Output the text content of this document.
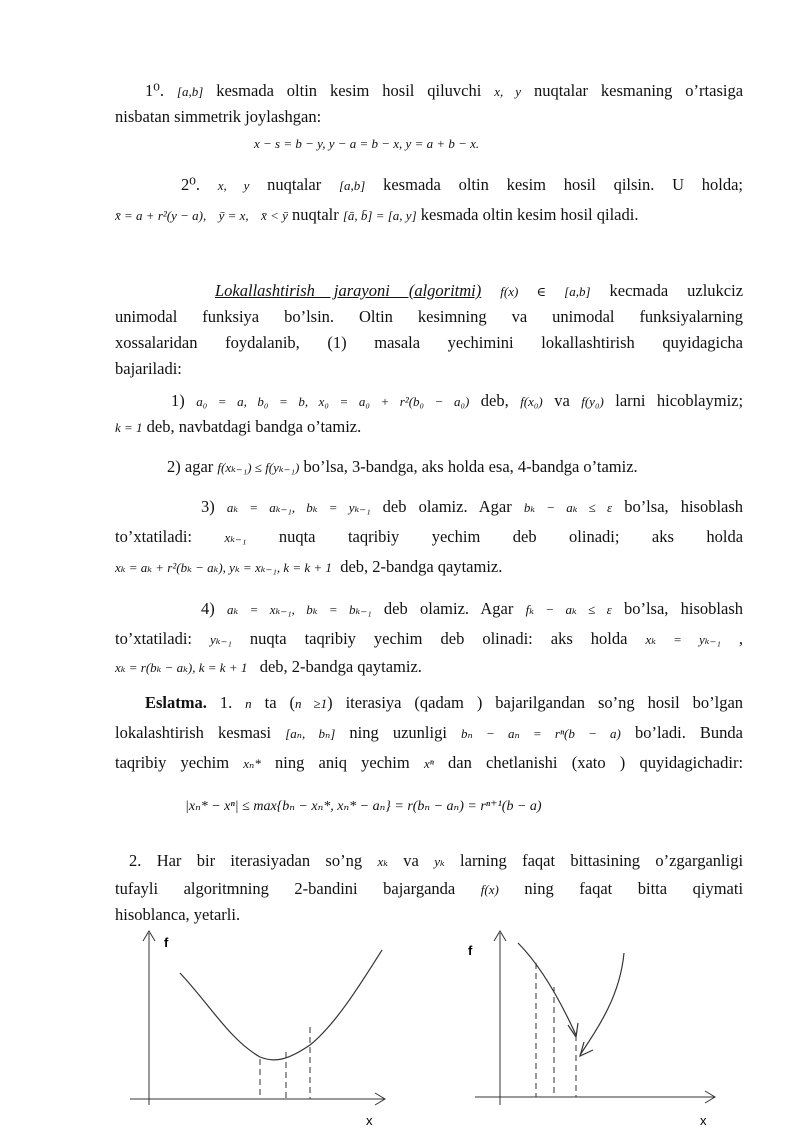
1⁰. [a,b] kesmada oltin kesim hosil qiluvchi x, y nuqtalar kesmaning o’rtasiga
nisbatan simmetrik joylashgan:
x − s = b − y, y − a = b − x, y = a + b − x.
2⁰. x, y nuqtalar [a,b] kesmada oltin kesim hosil qilsin. U holda;
x̄ = a + r²(y − a), ȳ = x, x̄ < ȳ nuqtalr [ā, b̄] = [a, y] kesmada oltin kesim hosil qiladi.
Lokallashtirish jarayoni (algoritmi) f(x) ∈ [a,b] kecmada uzlukciz
unimodal funksiya bo’lsin. Oltin kesimning va unimodal funksiyalarning
xossalaridan foydalanib, (1) masala yechimini lokallashtirish quyidagicha
bajariladi:
1) a₀ = a, b₀ = b, x₀ = a₀ + r²(b₀ − a₀) deb, f(x₀) va f(y₀) larni hicoblaymiz;
k = 1 deb, navbatdagi bandga o’tamiz.
2) agar f(xₖ₋₁) ≤ f(yₖ₋₁) bo’lsa, 3-bandga, aks holda esa, 4-bandga o’tamiz.
3) aₖ = aₖ₋₁, bₖ = yₖ₋₁ deb olamiz. Agar bₖ − aₖ ≤ ε bo’lsa, hisoblash
to’xtatiladi: xₖ₋₁ nuqta taqribiy yechim deb olinadi; aks holda
xₖ = aₖ + r²(bₖ − aₖ), yₖ = xₖ₋₁, k = k + 1 deb, 2-bandga qaytamiz.
4) aₖ = xₖ₋₁, bₖ = bₖ₋₁ deb olamiz. Agar fₖ − aₖ ≤ ε bo’lsa, hisoblash
to’xtatiladi: yₖ₋₁ nuqta taqribiy yechim deb olinadi: aks holda xₖ = yₖ₋₁ ,
xₖ = r(bₖ − aₖ), k = k + 1 deb, 2-bandga qaytamiz.
Eslatma. 1. n ta (n ≥1) iterasiya (qadam ) bajarilgandan so’ng hosil bo’lgan
lokalashtirish kesmasi [aₙ, bₙ] ning uzunligi bₙ − aₙ = rⁿ(b − a) bo’ladi. Bunda
taqribiy yechim xₙ* ning aniq yechim xⁿ dan chetlanishi (xato ) quyidagichadir:
|xₙ* − xⁿ| ≤ max{bₙ − xₙ*, xₙ* − aₙ} = r(bₙ − aₙ) = rⁿ⁺¹(b − a)
2. Har bir iterasiyadan so’ng xₖ va yₖ larning faqat bittasining o’zgarganligi
tufayli algoritmning 2-bandini bajarganda f(x) ning faqat bitta qiymati
hisoblanca, yetarli.
f
x
f
x
